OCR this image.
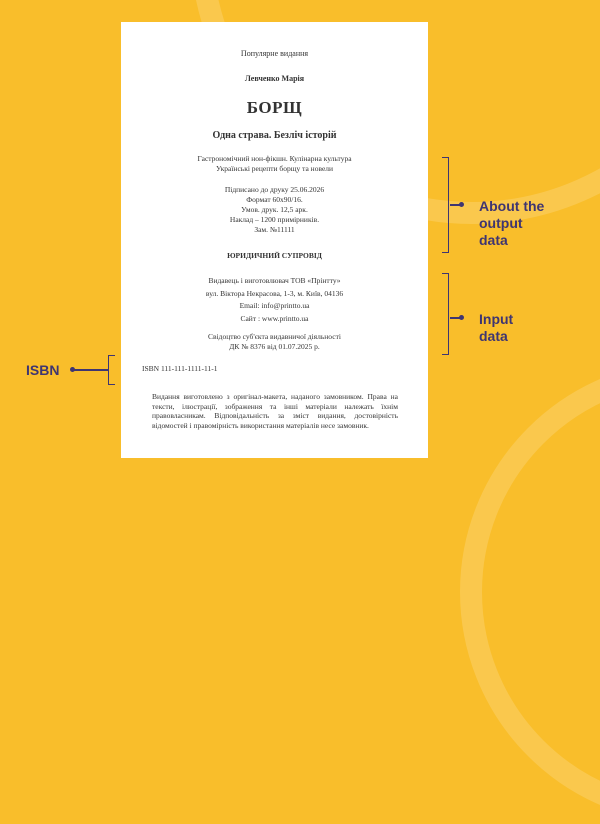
Популярне видання
Левченко Марія
БОРЩ
Одна страва. Безліч історій
Гастрономічний нон-фікшн. Кулінарна культура
Українські рецепти борщу та новели
Підписано до друку 25.06.2026
Формат 60х90/16.
Умов. друк. 12,5 арк.
Наклад – 1200 примірників.
Зам. №11111
ЮРИДИЧНИЙ СУПРОВІД
Видавець і виготовлювач ТОВ «Прінтту»
вул. Віктора Некрасова, 1-3, м. Київ, 04136
Email: info@printto.ua
Сайт : www.printto.ua
Свідоцтво суб'єкта видавничої діяльності
ДК № 8376 від 01.07.2025 р.
ISBN 111-111-1111-11-1
Видання виготовлено з оригінал-макета, наданого замовником. Права на тексти, ілюстрації, зображення та інші матеріали належать їхнім правовласникам. Відповідальність за зміст видання, достовірність відомостей і правомірність використання матеріалів несе замовник.
About the
output
data
Input
data
ISBN
